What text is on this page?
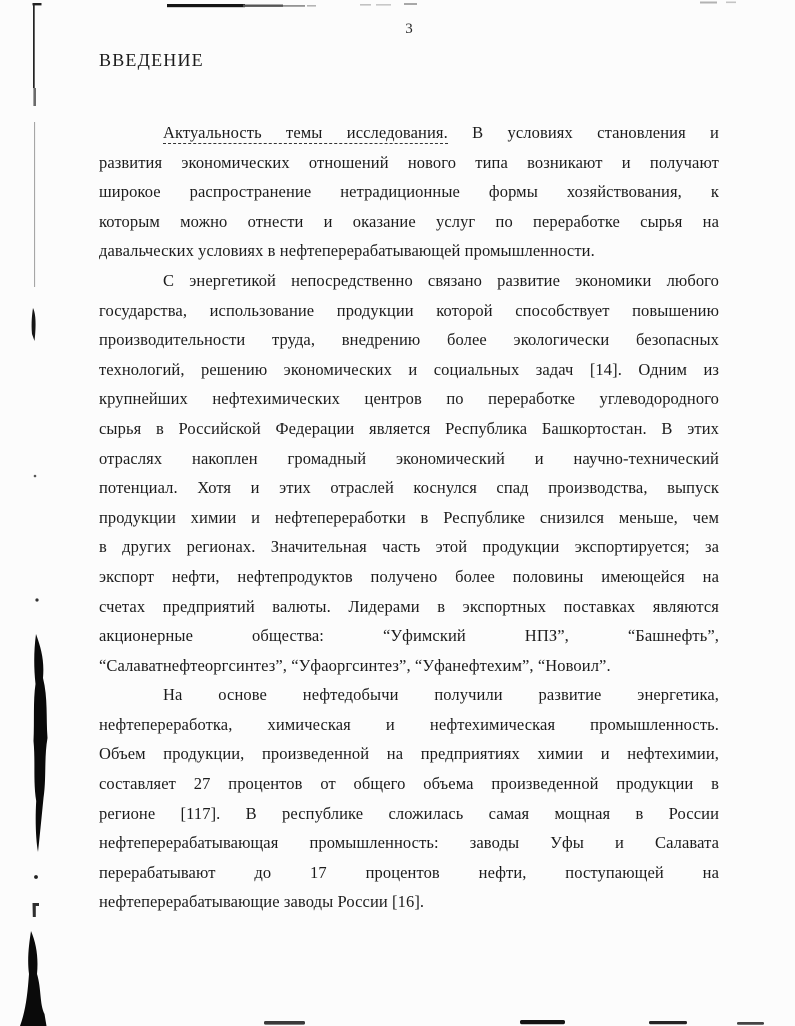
3
ВВЕДЕНИЕ
Актуальность темы исследования. В условиях становления и
развития экономических отношений нового типа возникают и получают
широкое распространение нетрадиционные формы хозяйствования, к
которым можно отнести и оказание услуг по переработке сырья на
давальческих условиях в нефтеперерабатывающей промышленности.
С энергетикой непосредственно связано развитие экономики любого
государства, использование продукции которой способствует повышению
производительности труда, внедрению более экологически безопасных
технологий, решению экономических и социальных задач [14]. Одним из
крупнейших нефтехимических центров по переработке углеводородного
сырья в Российской Федерации является Республика Башкортостан. В этих
отраслях накоплен громадный экономический и научно-технический
потенциал. Хотя и этих отраслей коснулся спад производства, выпуск
продукции химии и нефтепереработки в Республике снизился меньше, чем
в других регионах. Значительная часть этой продукции экспортируется; за
экспорт нефти, нефтепродуктов получено более половины имеющейся на
счетах предприятий валюты. Лидерами в экспортных поставках являются
акционерные общества: “Уфимский НПЗ”, “Башнефть”,
“Салаватнефтеоргсинтез”, “Уфаоргсинтез”, “Уфанефтехим”, “Новоил”.
На основе нефтедобычи получили развитие энергетика,
нефтепереработка, химическая и нефтехимическая промышленность.
Объем продукции, произведенной на предприятиях химии и нефтехимии,
составляет 27 процентов от общего объема произведенной продукции в
регионе [117]. В республике сложилась самая мощная в России
нефтеперерабатывающая промышленность: заводы Уфы и Салавата
перерабатывают до 17 процентов нефти, поступающей на
нефтеперерабатывающие заводы России [16].
